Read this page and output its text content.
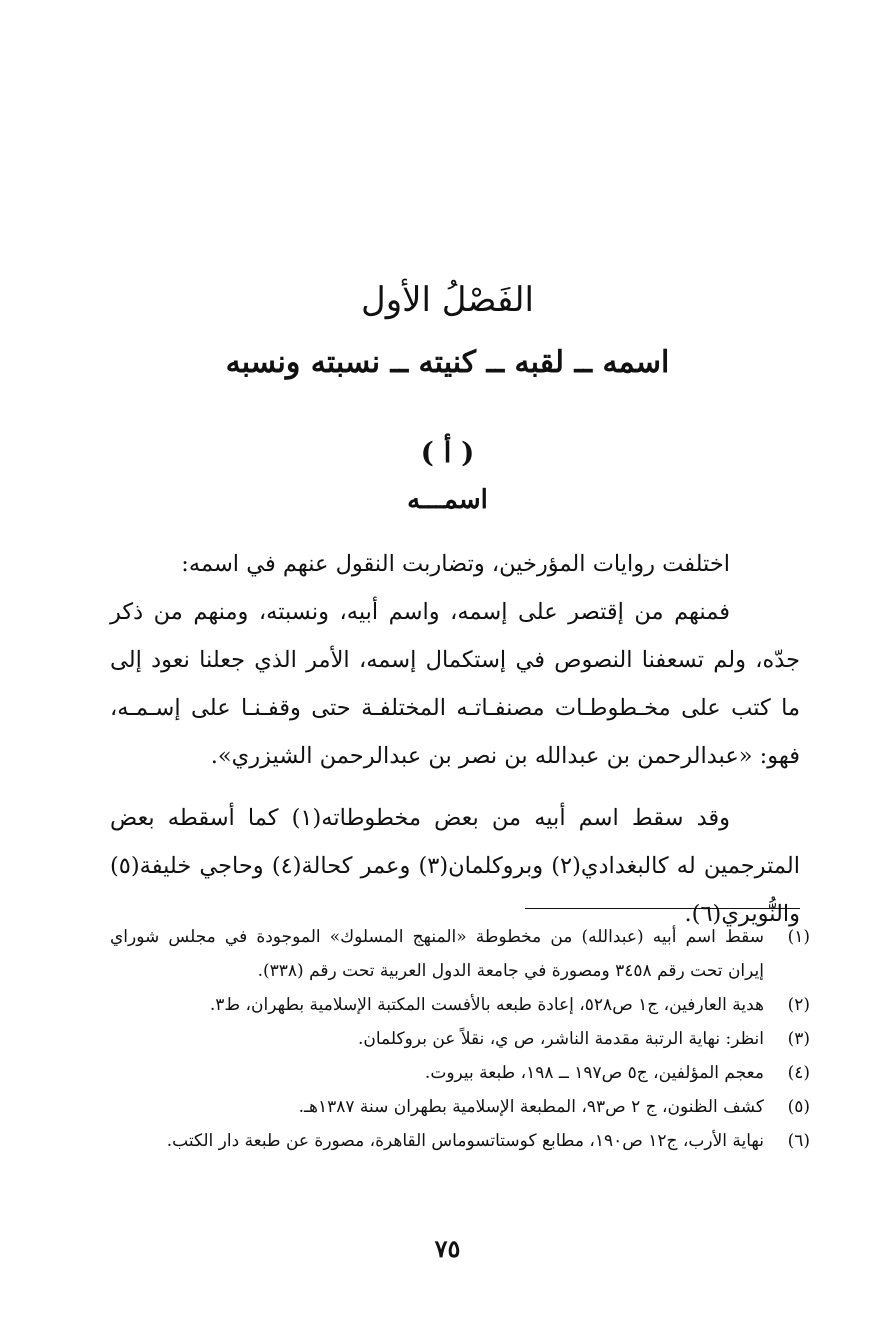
الفَصْلُ الأول
اسمه ــ لقبه ــ كنيته ــ نسبته ونسبه
( أ )
اسمـــه

اختلفت روايات المؤرخين، وتضاربت النقول عنهم في اسمه:

فمنهم من إقتصر على إسمه، واسم أبيه، ونسبته، ومنهم من ذكر جدّه، ولم تسعفنا النصوص في إستكمال إسمه، الأمر الذي جعلنا نعود إلى ما كتب على مخـطوطـات مصنفـاتـه المختلفـة حتى وقفـنـا على إسـمـه، فهو: «عبدالرحمن بن عبدالله بن نصر بن عبدالرحمن الشيزري».

وقد سقط اسم أبيه من بعض مخطوطاته(١) كما أسقطه بعض المترجمين له كالبغدادي(٢) وبروكلمان(٣) وعمر كحالة(٤) وحاجي خليفة(٥) والنُّويري(٦).

(١)
سقط اسم أبيه (عبدالله) من مخطوطة «المنهج المسلوك» الموجودة في مجلس شوراي إيران تحت رقم ٣٤٥٨ ومصورة في جامعة الدول العربية تحت رقم (٣٣٨).
(٢)
هدية العارفين، ج١ ص٥٢٨، إعادة طبعه بالأفست المكتبة الإسلامية بطهران، ط٣.
(٣)
انظر: نهاية الرتبة مقدمة الناشر، ص ي، نقلاً عن بروكلمان.
(٤)
معجم المؤلفين، ج٥ ص١٩٧ ــ ١٩٨، طبعة بيروت.
(٥)
كشف الظنون، ج ٢ ص٩٣، المطبعة الإسلامية بطهران سنة ١٣٨٧هـ.
(٦)
نهاية الأرب، ج١٢ ص١٩٠، مطابع كوستاتسوماس القاهرة، مصورة عن طبعة دار الكتب.
٧٥
